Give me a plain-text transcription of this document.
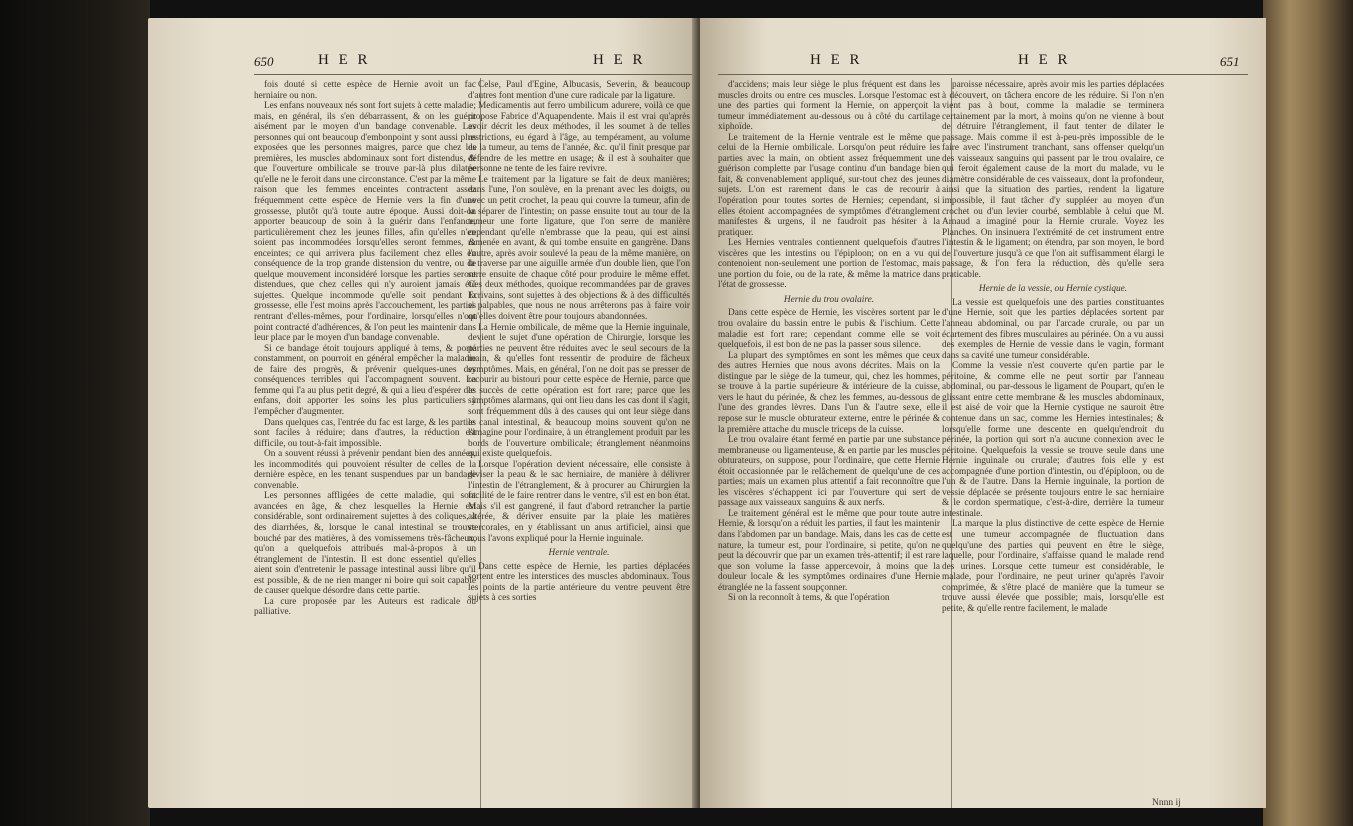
650	H E R	H E R

fois douté si cette espèce de Hernie avoit un fac herniaire ou non.

Les enfans nouveaux nés sont fort sujets à cette maladie; mais, en général, ils s'en débarrassent, & on les guérit aisément par le moyen d'un bandage convenable. Les personnes qui ont beaucoup d'embonpoint y sont aussi plus exposées que les personnes maigres, parce que chez les premières, les muscles abdominaux sont fort distendus, & que l'ouverture ombilicale se trouve par-là plus dilatée qu'elle ne le feroit dans une circonstance. C'est par la même raison que les femmes enceintes contractent assez fréquemment cette espèce de Hernie vers la fin d'une grossesse, plutôt qu'à toute autre époque. Aussi doit-on apporter beaucoup de soin à la guérir dans l'enfance, particulièrement chez les jeunes filles, afin qu'elles n'en soient pas incommodées lorsqu'elles seront femmes, & enceintes; ce qui arrivera plus facilement chez elles en conséquence de la trop grande distension du ventre, ou de quelque mouvement inconsidéré lorsque les parties seront distendues, que chez celles qui n'y auroient jamais été sujettes. Quelque incommode qu'elle soit pendant la grossesse, elle l'est moins après l'accouchement, les parties rentrant d'elles-mêmes, pour l'ordinaire, lorsqu'elles n'ont point contracté d'adhérences, & l'on peut les maintenir dans leur place par le moyen d'un bandage convenable.

Si ce bandage étoit toujours appliqué à tems, & porté constamment, on pourroit en général empêcher la maladie de faire des progrès, & prévenir quelques-unes des conséquences terribles qui l'accompagnent souvent. La femme qui l'a au plus petit degré, & qui a lieu d'espérer des enfans, doit apporter les soins les plus particuliers à l'empêcher d'augmenter.

Dans quelques cas, l'entrée du fac est large, & les parties sont faciles à réduire; dans d'autres, la réduction est difficile, ou tout-à-fait impossible.

On a souvent réussi à prévenir pendant bien des années, les incommodités qui pouvoient résulter de celles de la dernière espèce, en les tenant suspendues par un bandage convenable.

Les personnes affligées de cette maladie, qui sont avancées en âge, & chez lesquelles la Hernie est considérable, sont ordinairement sujettes à des coliques, à des diarrhées, &, lorsque le canal intestinal se trouve bouché par des matières, à des vomissemens très-fâcheux, qu'on a quelquefois attribués mal-à-propos à un étranglement de l'intestin. Il est donc essentiel qu'elles aient soin d'entretenir le passage intestinal aussi libre qu'il est possible, & de ne rien manger ni boire qui soit capable de causer quelque désordre dans cette partie.

La cure proposée par les Auteurs est radicale ou palliative.

Celse, Paul d'Egine, Albucasis, Severin, & beaucoup d'autres font mention d'une cure radicale par la ligature.

Medicamentis aut ferro umbilicum adurere, voilà ce que propose Fabrice d'Aquapendente. Mais il est vrai qu'après avoir décrit les deux méthodes, il les soumet à de telles restrictions, eu égard à l'âge, au tempérament, au volume de la tumeur, au tems de l'année, &c. qu'il finit presque par défendre de les mettre en usage; & il est à souhaiter que personne ne tente de les faire revivre.

Le traitement par la ligature se fait de deux manières; dans l'une, l'on soulève, en la prenant avec les doigts, ou avec un petit crochet, la peau qui couvre la tumeur, afin de la séparer de l'intestin; on passe ensuite tout au tour de la tumeur une forte ligature, que l'on serre de manière cependant qu'elle n'embrasse que la peau, qui est ainsi ramenée en avant, & qui tombe ensuite en gangrène. Dans l'autre, après avoir soulevé la peau de la même manière, on la traverse par une aiguille armée d'un double lien, que l'on serre ensuite de chaque côté pour produire le même effet. Ces deux méthodes, quoique recommandées par de graves Ecrivains, sont sujettes à des objections & à des difficultés si palpables, que nous ne nous arrêterons pas à faire voir qu'elles doivent être pour toujours abandonnées.

La Hernie ombilicale, de même que la Hernie inguinale, devient le sujet d'une opération de Chirurgie, lorsque les parties ne peuvent être réduites avec le seul secours de la main, & qu'elles font ressentir de produire de fâcheux symptômes. Mais, en général, l'on ne doit pas se presser de recourir au bistouri pour cette espèce de Hernie, parce que le succès de cette opération est fort rare; parce que les symptômes alarmans, qui ont lieu dans les cas dont il s'agit, sont fréquemment dûs à des causes qui ont leur siège dans le canal intestinal, & beaucoup moins souvent qu'on ne l'imagine pour l'ordinaire, à un étranglement produit par les bords de l'ouverture ombilicale; étranglement néanmoins qui existe quelquefois.

Lorsque l'opération devient nécessaire, elle consiste à diviser la peau & le sac herniaire, de manière à délivrer l'intestin de l'étranglement, & à procurer au Chirurgien la facilité de le faire rentrer dans le ventre, s'il est en bon état. Mais s'il est gangrené, il faut d'abord retrancher la partie altérée, & dériver ensuite par la plaie les matières stercorales, en y établissant un anus artificiel, ainsi que nous l'avons expliqué pour la Hernie inguinale.

Hernie ventrale.

Dans cette espèce de Hernie, les parties déplacées sortent entre les interstices des muscles abdominaux. Tous les points de la partie antérieure du ventre peuvent être sujets à ces sorties

H E R	H E R	651

d'accidens; mais leur siège le plus fréquent est dans les muscles droits ou entre ces muscles. Lorsque l'estomac est une des parties qui forment la Hernie, on apperçoit la tumeur immédiatement au-dessous ou à côté du cartilage xiphoïde.

Le traitement de la Hernie ventrale est le même que celui de la Hernie ombilicale. Lorsqu'on peut réduire les parties avec la main, on obtient assez fréquemment une guérison complette par l'usage continu d'un bandage bien fait, & convenablement appliqué, sur-tout chez des jeunes sujets. L'on est rarement dans le cas de recourir à l'opération pour toutes sortes de Hernies; cependant, si elles étoient accompagnées de symptômes d'étranglement manifestes & urgens, il ne faudroit pas hésiter à la pratiquer.

Les Hernies ventrales contiennent quelquefois d'autres viscères que les intestins ou l'épiploon; on en a vu qui contenoient non-seulement une portion de l'estomac, mais une portion du foie, ou de la rate, & même la matrice dans l'état de grossesse.

Hernie du trou ovalaire.

Dans cette espèce de Hernie, les viscères sortent par le trou ovalaire du bassin entre le pubis & l'ischium. Cette maladie est fort rare; cependant comme elle se voit quelquefois, il est bon de ne pas la passer sous silence.

La plupart des symptômes en sont les mêmes que ceux des autres Hernies que nous avons décrites. Mais on la distingue par le siège de la tumeur, qui, chez les hommes, se trouve à la partie supérieure & intérieure de la cuisse, vers le haut du périnée, & chez les femmes, au-dessous de l'une des grandes lèvres. Dans l'un & l'autre sexe, elle repose sur le muscle obturateur externe, entre le périnée & la première attache du muscle triceps de la cuisse.

Le trou ovalaire étant fermé en partie par une substance membraneuse ou ligamenteuse, & en partie par les muscles obturateurs, on suppose, pour l'ordinaire, que cette Hernie étoit occasionnée par le relâchement de quelqu'une de ces parties; mais un examen plus attentif a fait reconnoître que les viscères s'échappent ici par l'ouverture qui sert de passage aux vaisseaux sanguins & aux nerfs.

Le traitement général est le même que pour toute autre Hernie, & lorsqu'on a réduit les parties, il faut les maintenir dans l'abdomen par un bandage. Mais, dans les cas de cette nature, la tumeur est, pour l'ordinaire, si petite, qu'on ne peut la découvrir que par un examen très-attentif; il est rare que son volume la fasse appercevoir, à moins que la douleur locale & les symptômes ordinaires d'une Hernie étranglée ne la fassent soupçonner.

Si on la reconnoît à tems, & que l'opération

paroisse nécessaire, après avoir mis les parties déplacées à découvert, on tâchera encore de les réduire. Si l'on n'en vient pas à bout, comme la maladie se terminera certainement par la mort, à moins qu'on ne vienne à bout de détruire l'étranglement, il faut tenter de dilater le passage. Mais comme il est à-peu-près impossible de le faire avec l'instrument tranchant, sans offenser quelqu'un des vaisseaux sanguins qui passent par le trou ovalaire, ce qui feroit également cause de la mort du malade, vu le diamètre considérable de ces vaisseaux, dont la profondeur, ainsi que la situation des parties, rendent la ligature impossible, il faut tâcher d'y suppléer au moyen d'un crochet ou d'un levier courbé, semblable à celui que M. Arnaud a imaginé pour la Hernie crurale. Voyez les Planches. On insinuera l'extrémité de cet instrument entre l'intestin & le ligament; on étendra, par son moyen, le bord de l'ouverture jusqu'à ce que l'on ait suffisamment élargi le passage, & l'on fera la réduction, dès qu'elle sera praticable.

Hernie de la vessie, ou Hernie cystique.

La vessie est quelquefois une des parties constituantes d'une Hernie, soit que les parties déplacées sortent par l'anneau abdominal, ou par l'arcade crurale, ou par un écartement des fibres musculaires au périnée. On a vu aussi des exemples de Hernie de vessie dans le vagin, formant dans sa cavité une tumeur considérable.

Comme la vessie n'est couverte qu'en partie par le péritoine, & comme elle ne peut sortir par l'anneau abdominal, ou par-dessous le ligament de Poupart, qu'en le glissant entre cette membrane & les muscles abdominaux, il est aisé de voir que la Hernie cystique ne sauroit être contenue dans un sac, comme les Hernies intestinales; & lorsqu'elle forme une descente en quelqu'endroit du périnée, la portion qui sort n'a aucune connexion avec le péritoine. Quelquefois la vessie se trouve seule dans une Hernie inguinale ou crurale; d'autres fois elle y est accompagnée d'une portion d'intestin, ou d'épiploon, ou de l'un & de l'autre. Dans la Hernie inguinale, la portion de vessie déplacée se présente toujours entre le sac herniaire & le cordon spermatique, c'est-à-dire, derrière la tumeur intestinale.

La marque la plus distinctive de cette espèce de Hernie est une tumeur accompagnée de fluctuation dans quelqu'une des parties qui peuvent en être le siège, laquelle, pour l'ordinaire, s'affaisse quand le malade rend des urines. Lorsque cette tumeur est considérable, le malade, pour l'ordinaire, ne peut uriner qu'après l'avoir comprimée, & s'être placé de manière que la tumeur se trouve aussi élevée que possible; mais, lorsqu'elle est petite, & qu'elle rentre facilement, le malade

Nnnn ij
